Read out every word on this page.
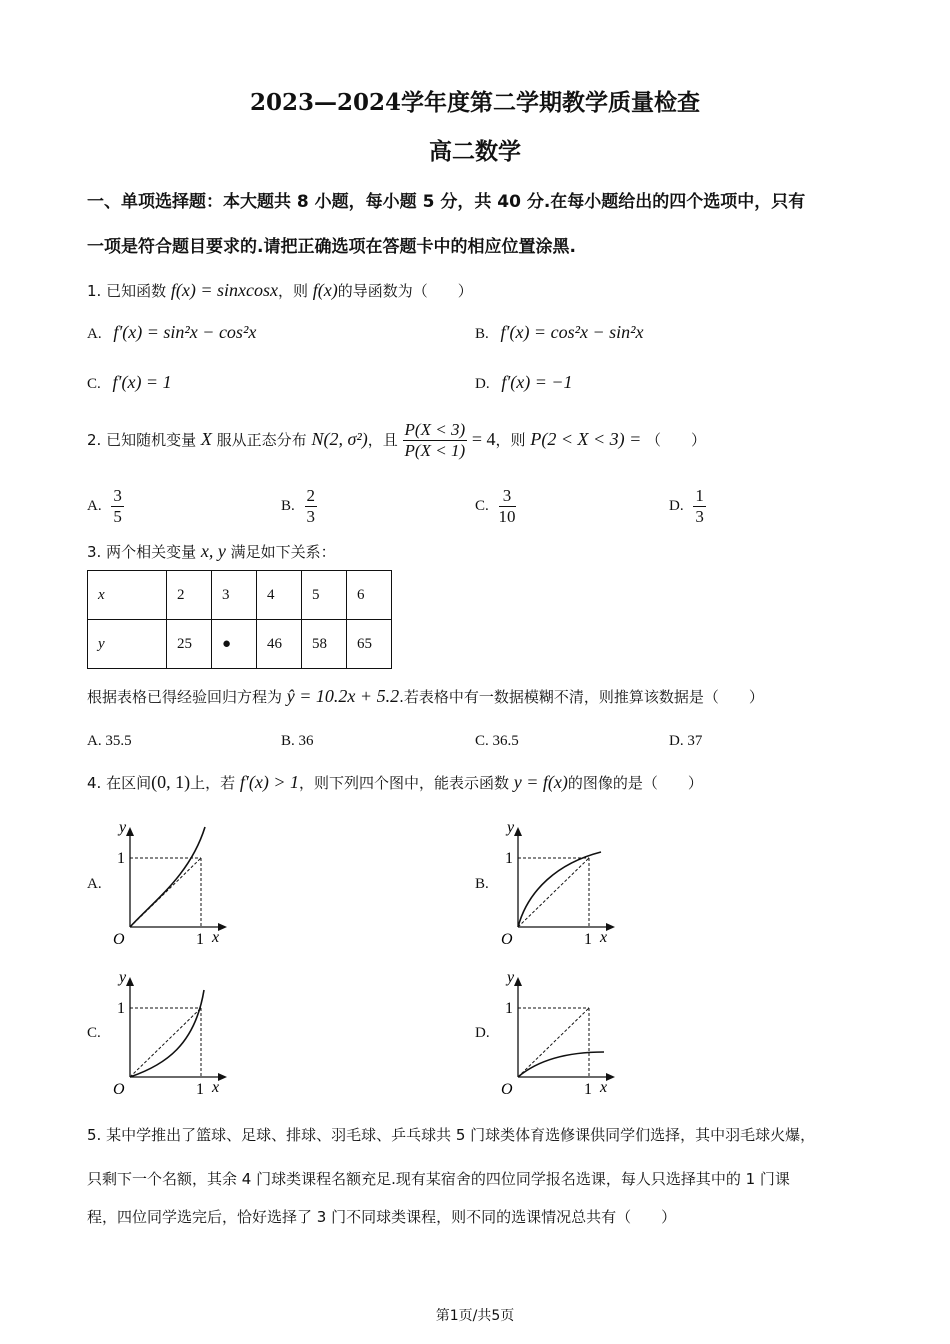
2023—2024学年度第二学期教学质量检查
高二数学
一、单项选择题：本大题共 8 小题，每小题 5 分，共 40 分.在每小题给出的四个选项中，只有
一项是符合题目要求的.请把正确选项在答题卡中的相应位置涂黑.
1. 已知函数 f(x) = sinxcosx，则 f(x)的导函数为（　　）
A. f′(x) = sin²x − cos²x	B. f′(x) = cos²x − sin²x
C. f′(x) = 1	D. f′(x) = −1
2. 已知随机变量 X 服从正态分布 N(2, σ²)，且 $\frac{P(X < 3)}{P(X < 1)} = 4$，则 P(2 < X < 3) = （　　）
A. $\frac{3}{5}$	B. $\frac{2}{3}$	C. $\frac{3}{10}$	D. $\frac{1}{3}$
3. 两个相关变量 x, y 满足如下关系：
x	2	3	4	5	6
y	25	●	46	58	65
根据表格已得经验回归方程为 ŷ = 10.2x + 5.2.若表格中有一数据模糊不清，则推算该数据是（　　）
A. 35.5	B. 36	C. 36.5	D. 37
4. 在区间(0, 1)上，若 f′(x) > 1，则下列四个图中，能表示函数 y = f(x)的图像的是（　　）
A.	B.
C.	D.
y
x
O	1
1
y
x
O	1
1
y
x
O	1
1
y
x
O	1
1
5. 某中学推出了篮球、足球、排球、羽毛球、乒乓球共 5 门球类体育选修课供同学们选择，其中羽毛球火爆，
只剩下一个名额，其余 4 门球类课程名额充足.现有某宿舍的四位同学报名选课，每人只选择其中的 1 门课
程，四位同学选完后，恰好选择了 3 门不同球类课程，则不同的选课情况总共有（　　）
第1页/共5页
